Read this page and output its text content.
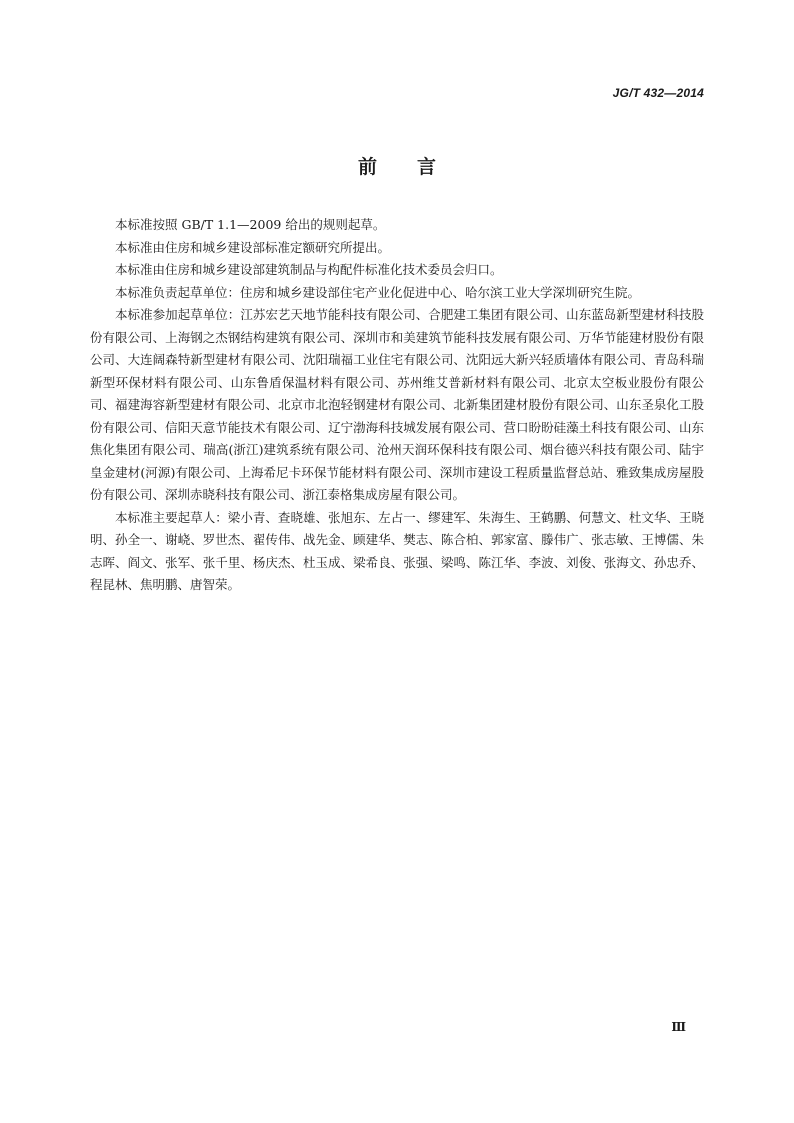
JG/T 432—2014
前言

本标准按照 GB/T 1.1—2009 给出的规则起草。

本标准由住房和城乡建设部标准定额研究所提出。

本标准由住房和城乡建设部建筑制品与构配件标准化技术委员会归口。

本标准负责起草单位：住房和城乡建设部住宅产业化促进中心、哈尔滨工业大学深圳研究生院。

本标准参加起草单位：江苏宏艺天地节能科技有限公司、合肥建工集团有限公司、山东蓝岛新型建材科技股份有限公司、上海钢之杰钢结构建筑有限公司、深圳市和美建筑节能科技发展有限公司、万华节能建材股份有限公司、大连阔森特新型建材有限公司、沈阳瑞福工业住宅有限公司、沈阳远大新兴轻质墙体有限公司、青岛科瑞新型环保材料有限公司、山东鲁盾保温材料有限公司、苏州维艾普新材料有限公司、北京太空板业股份有限公司、福建海容新型建材有限公司、北京市北泡轻钢建材有限公司、北新集团建材股份有限公司、山东圣泉化工股份有限公司、信阳天意节能技术有限公司、辽宁渤海科技城发展有限公司、营口盼盼硅藻土科技有限公司、山东焦化集团有限公司、瑞高(浙江)建筑系统有限公司、沧州天润环保科技有限公司、烟台德兴科技有限公司、陆宇皇金建材(河源)有限公司、上海希尼卡环保节能材料有限公司、深圳市建设工程质量监督总站、雅致集成房屋股份有限公司、深圳赤晓科技有限公司、浙江泰格集成房屋有限公司。

本标准主要起草人：梁小青、查晓雄、张旭东、左占一、缪建军、朱海生、王鹤鹏、何慧文、杜文华、王晓明、孙全一、谢峣、罗世杰、翟传伟、战先金、顾建华、樊志、陈合柏、郭家富、滕伟广、张志敏、王博儒、朱志晖、阎文、张军、张千里、杨庆杰、杜玉成、梁希良、张强、梁鸣、陈江华、李波、刘俊、张海文、孙忠乔、程昆林、焦明鹏、唐智荣。

Ⅲ
